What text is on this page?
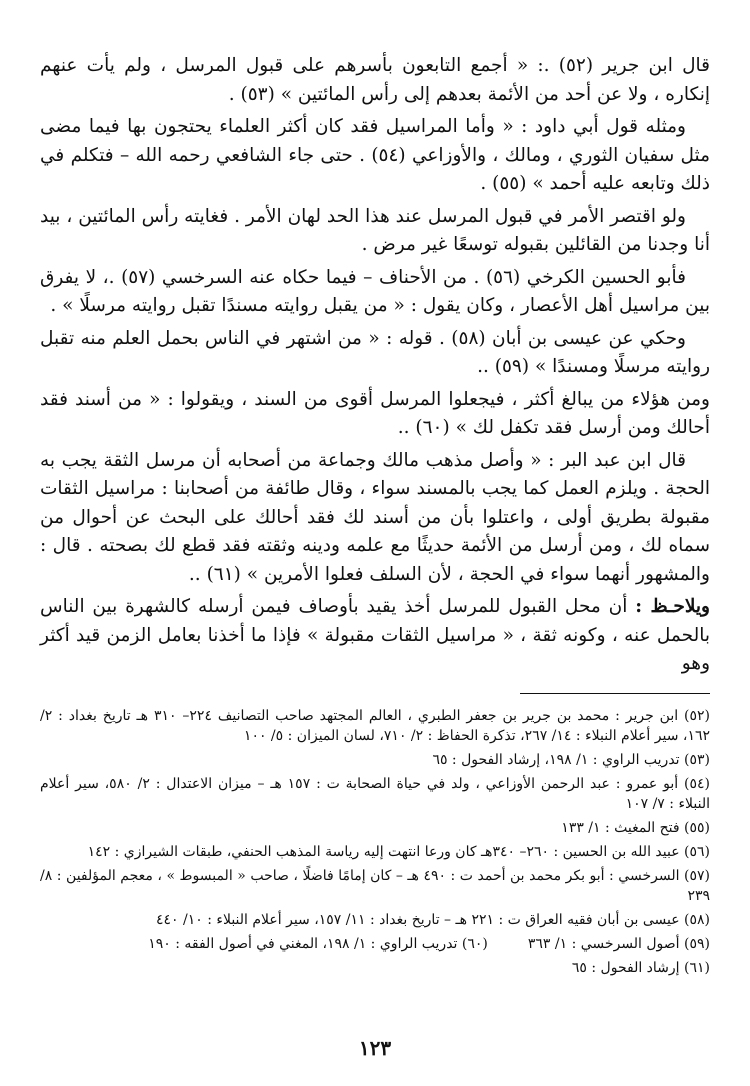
قال ابن جرير (٥٢) .: « أجمع التابعون بأسرهم على قبول المرسل ، ولم يأت عنهم إنكاره ، ولا عن أحد من الأئمة بعدهم إلى رأس المائتين » (٥٣) .

ومثله قول أبي داود : « وأما المراسيل فقد كان أكثر العلماء يحتجون بها فيما مضى مثل سفيان الثوري ، ومالك ، والأوزاعي (٥٤) . حتى جاء الشافعي رحمه الله – فتكلم في ذلك وتابعه عليه أحمد » (٥٥) .

ولو اقتصر الأمر في قبول المرسل عند هذا الحد لهان الأمر . فغايته رأس المائتين ، بيد أنا وجدنا من القائلين بقبوله توسعًا غير مرض .

فأبو الحسين الكرخي (٥٦) . من الأحناف – فيما حكاه عنه السرخسي (٥٧) .، لا يفرق بين مراسيل أهل الأعصار ، وكان يقول : « من يقبل روايته مسندًا تقبل روايته مرسلًا » .

وحكي عن عيسى بن أبان (٥٨) . قوله : « من اشتهر في الناس بحمل العلم منه تقبل روايته مرسلًا ومسندًا » (٥٩) ..

ومن هؤلاء من يبالغ أكثر ، فيجعلوا المرسل أقوى من السند ، ويقولوا : « من أسند فقد أحالك ومن أرسل فقد تكفل لك » (٦٠) ..

قال ابن عبد البر : « وأصل مذهب مالك وجماعة من أصحابه أن مرسل الثقة يجب به الحجة . ويلزم العمل كما يجب بالمسند سواء ، وقال طائفة من أصحابنا : مراسيل الثقات مقبولة بطريق أولى ، واعتلوا بأن من أسند لك فقد أحالك على البحث عن أحوال من سماه لك ، ومن أرسل من الأئمة حديثًا مع علمه ودينه وثقته فقد قطع لك بصحته . قال : والمشهور أنهما سواء في الحجة ، لأن السلف فعلوا الأمرين » (٦١) ..

ويلاحـظ : أن محل القبول للمرسل أخذ يقيد بأوصاف فيمن أرسله كالشهرة بين الناس بالحمل عنه ، وكونه ثقة ، « مراسيل الثقات مقبولة » فإذا ما أخذنا بعامل الزمن قيد أكثر وهو

(٥٢) ابن جرير : محمد بن جرير بن جعفر الطبري ، العالم المجتهد صاحب التصانيف ٢٢٤– ٣١٠ هـ تاريخ بغداد : ٢/ ١٦٢، سير أعلام النبلاء : ١٤/ ٢٦٧، تذكرة الحفاظ : ٢/ ٧١٠، لسان الميزان : ٥/ ١٠٠

(٥٣) تدريب الراوي : ١/ ١٩٨، إرشاد الفحول : ٦٥

(٥٤) أبو عمرو : عبد الرحمن الأوزاعي ، ولد في حياة الصحابة ت : ١٥٧ هـ – ميزان الاعتدال : ٢/ ٥٨٠، سير أعلام النبلاء : ٧/ ١٠٧

(٥٥) فتح المغيث : ١/ ١٣٣

(٥٦) عبيد الله بن الحسين : ٢٦٠– ٣٤٠هـ كان ورعا انتهت إليه رياسة المذهب الحنفي، طبقات الشيرازي : ١٤٢

(٥٧) السرخسي : أبو بكر محمد بن أحمد ت : ٤٩٠ هـ – كان إمامًا فاضلًا ، صاحب « المبسوط » ، معجم المؤلفين : ٨/ ٢٣٩

(٥٨) عيسى بن أبان فقيه العراق ت : ٢٢١ هـ – تاريخ بغداد : ١١/ ١٥٧، سير أعلام النبلاء : ١٠/ ٤٤٠

(٥٩) أصول السرخسي : ١/ ٣٦٣
(٦٠) تدريب الراوي : ١/ ١٩٨، المغني في أصول الفقه : ١٩٠

(٦١) إرشاد الفحول : ٦٥

١٢٣
